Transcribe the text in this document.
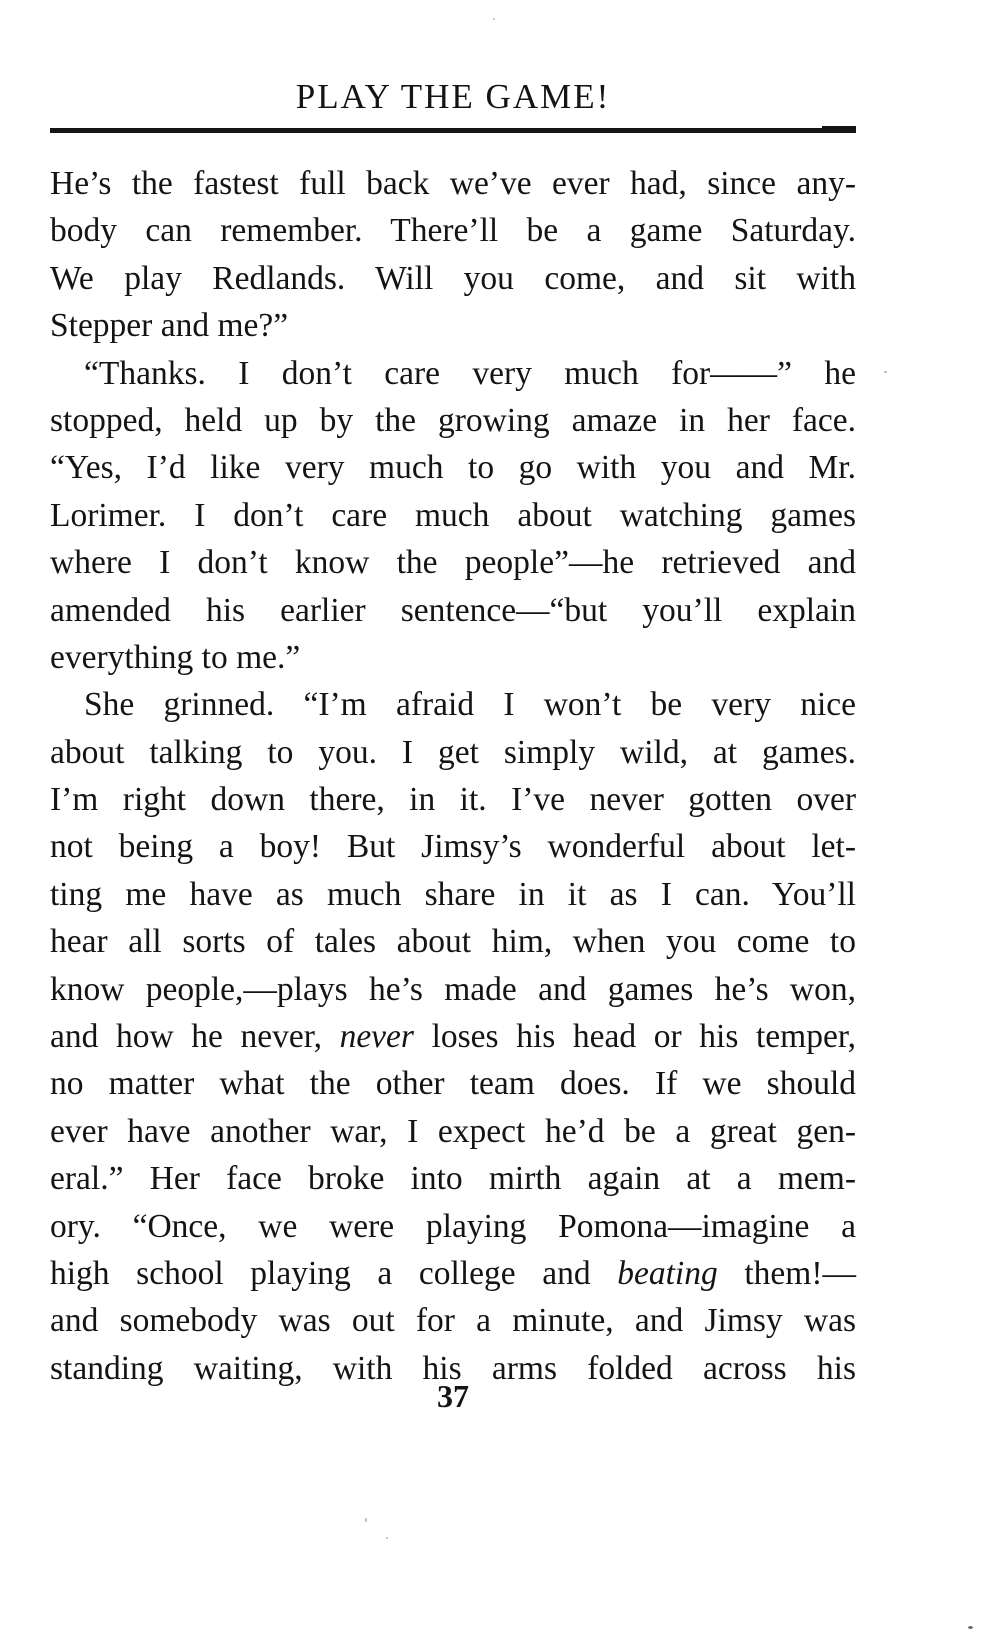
PLAY THE GAME!
He’s the fastest full back we’ve ever had, since any-
body can remember. There’ll be a game Saturday.
We play Redlands. Will you come, and sit with
Stepper and me?”
“Thanks. I don’t care very much for——” he
stopped, held up by the growing amaze in her face.
“Yes, I’d like very much to go with you and Mr.
Lorimer. I don’t care much about watching games
where I don’t know the people”—he retrieved and
amended his earlier sentence—“but you’ll explain
everything to me.”
She grinned. “I’m afraid I won’t be very nice
about talking to you. I get simply wild, at games.
I’m right down there, in it. I’ve never gotten over
not being a boy! But Jimsy’s wonderful about let-
ting me have as much share in it as I can. You’ll
hear all sorts of tales about him, when you come to
know people,—plays he’s made and games he’s won,
and how he never, never loses his head or his temper,
no matter what the other team does. If we should
ever have another war, I expect he’d be a great gen-
eral.” Her face broke into mirth again at a mem-
ory. “Once, we were playing Pomona—imagine a
high school playing a college and beating them!—
and somebody was out for a minute, and Jimsy was
standing waiting, with his arms folded across his
37
